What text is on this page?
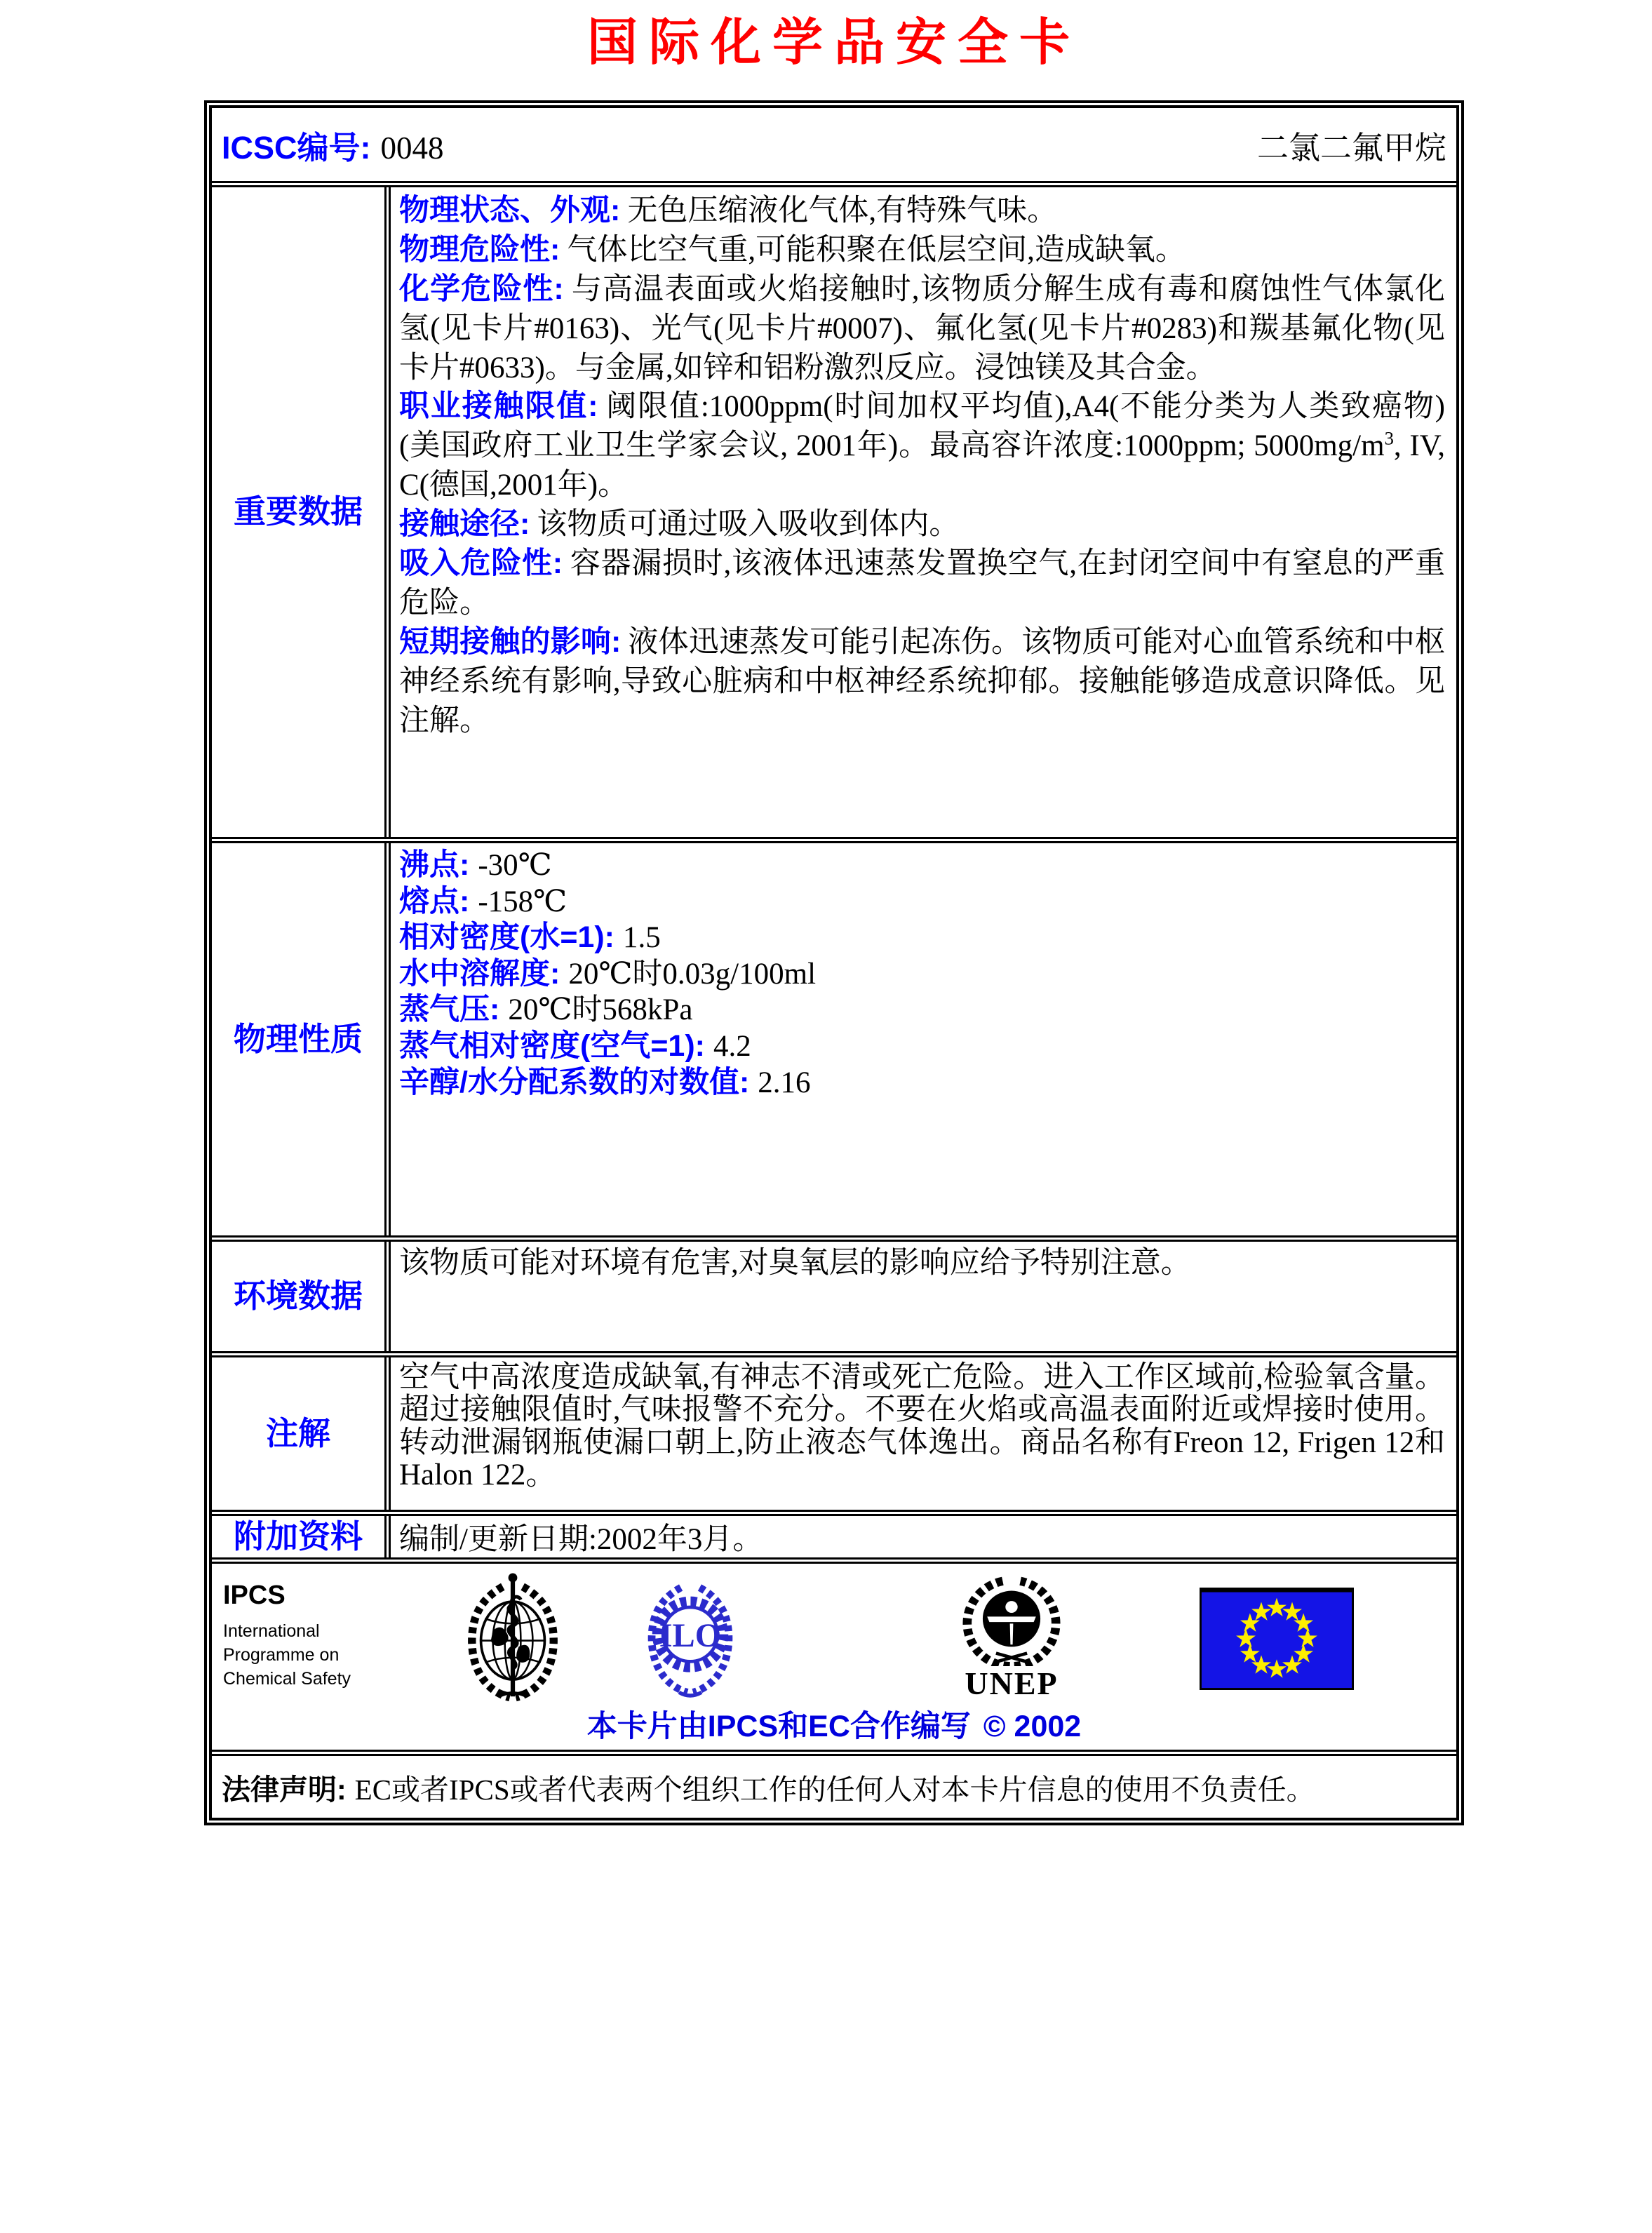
国际化学品安全卡
ICSC编号: 0048	二氯二氟甲烷
重要数据

物理状态、外观: 无色压缩液化气体,有特殊气味。

物理危险性: 气体比空气重,可能积聚在低层空间,造成缺氧。

化学危险性: 与高温表面或火焰接触时,该物质分解生成有毒和腐蚀性气体氯化氢(见卡片#0163)、光气(见卡片#0007)、氟化氢(见卡片#0283)和羰基氟化物(见卡片#0633)。与金属,如锌和铝粉激烈反应。浸蚀镁及其合金。

职业接触限值: 阈限值:1000ppm(时间加权平均值),A4(不能分类为人类致癌物)(美国政府工业卫生学家会议, 2001年)。最高容许浓度:1000ppm; $5000mg/m^3$, IV, C(德国,2001年)。

接触途径: 该物质可通过吸入吸收到体内。

吸入危险性: 容器漏损时,该液体迅速蒸发置换空气,在封闭空间中有窒息的严重危险。

短期接触的影响: 液体迅速蒸发可能引起冻伤。该物质可能对心血管系统和中枢神经系统有影响,导致心脏病和中枢神经系统抑郁。接触能够造成意识降低。见注解。

物理性质
沸点: -30℃
熔点: -158℃
相对密度(水=1): 1.5
水中溶解度: 20℃时0.03g/100ml
蒸气压: 20℃时568kPa
蒸气相对密度(空气=1): 4.2
辛醇/水分配系数的对数值: 2.16
环境数据

该物质可能对环境有危害,对臭氧层的影响应给予特别注意。

注解

空气中高浓度造成缺氧,有神志不清或死亡危险。进入工作区域前,检验氧含量。超过接触限值时,气味报警不充分。不要在火焰或高温表面附近或焊接时使用。转动泄漏钢瓶使漏口朝上,防止液态气体逸出。商品名称有Freon 12, Frigen 12和 Halon 122。

附加资料	编制/更新日期:2002年3月。

IPCS

International
Programme on
Chemical Safety
ILO
UNEP
本卡片由IPCS和EC合作编写 © 2002
法律声明: EC或者IPCS或者代表两个组织工作的任何人对本卡片信息的使用不负责任。
